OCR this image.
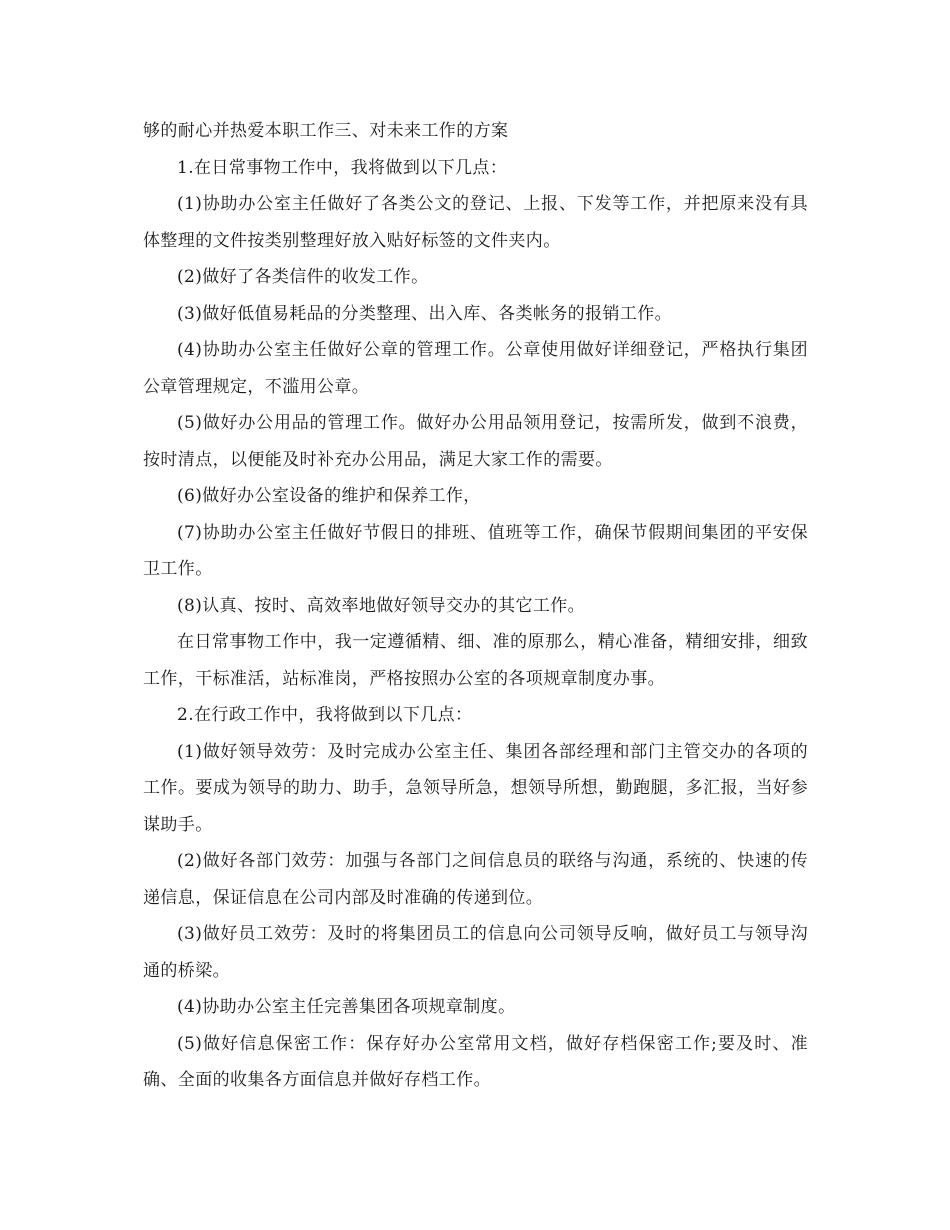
够的耐心并热爱本职工作三、对未来工作的方案

1.在日常事物工作中，我将做到以下几点：

(1)协助办公室主任做好了各类公文的登记、上报、下发等工作，并把原来没有具体整理的文件按类别整理好放入贴好标签的文件夹内。

(2)做好了各类信件的收发工作。

(3)做好低值易耗品的分类整理、出入库、各类帐务的报销工作。

(4)协助办公室主任做好公章的管理工作。公章使用做好详细登记，严格执行集团公章管理规定，不滥用公章。

(5)做好办公用品的管理工作。做好办公用品领用登记，按需所发，做到不浪费，按时清点，以便能及时补充办公用品，满足大家工作的需要。

(6)做好办公室设备的维护和保养工作，

(7)协助办公室主任做好节假日的排班、值班等工作，确保节假期间集团的平安保卫工作。

(8)认真、按时、高效率地做好领导交办的其它工作。

在日常事物工作中，我一定遵循精、细、准的原那么，精心准备，精细安排，细致工作，干标准活，站标准岗，严格按照办公室的各项规章制度办事。

2.在行政工作中，我将做到以下几点：

(1)做好领导效劳：及时完成办公室主任、集团各部经理和部门主管交办的各项的工作。要成为领导的助力、助手，急领导所急，想领导所想，勤跑腿，多汇报，当好参谋助手。

(2)做好各部门效劳：加强与各部门之间信息员的联络与沟通，系统的、快速的传递信息，保证信息在公司内部及时准确的传递到位。

(3)做好员工效劳：及时的将集团员工的信息向公司领导反响，做好员工与领导沟通的桥梁。

(4)协助办公室主任完善集团各项规章制度。

(5)做好信息保密工作：保存好办公室常用文档，做好存档保密工作;要及时、准确、全面的收集各方面信息并做好存档工作。
